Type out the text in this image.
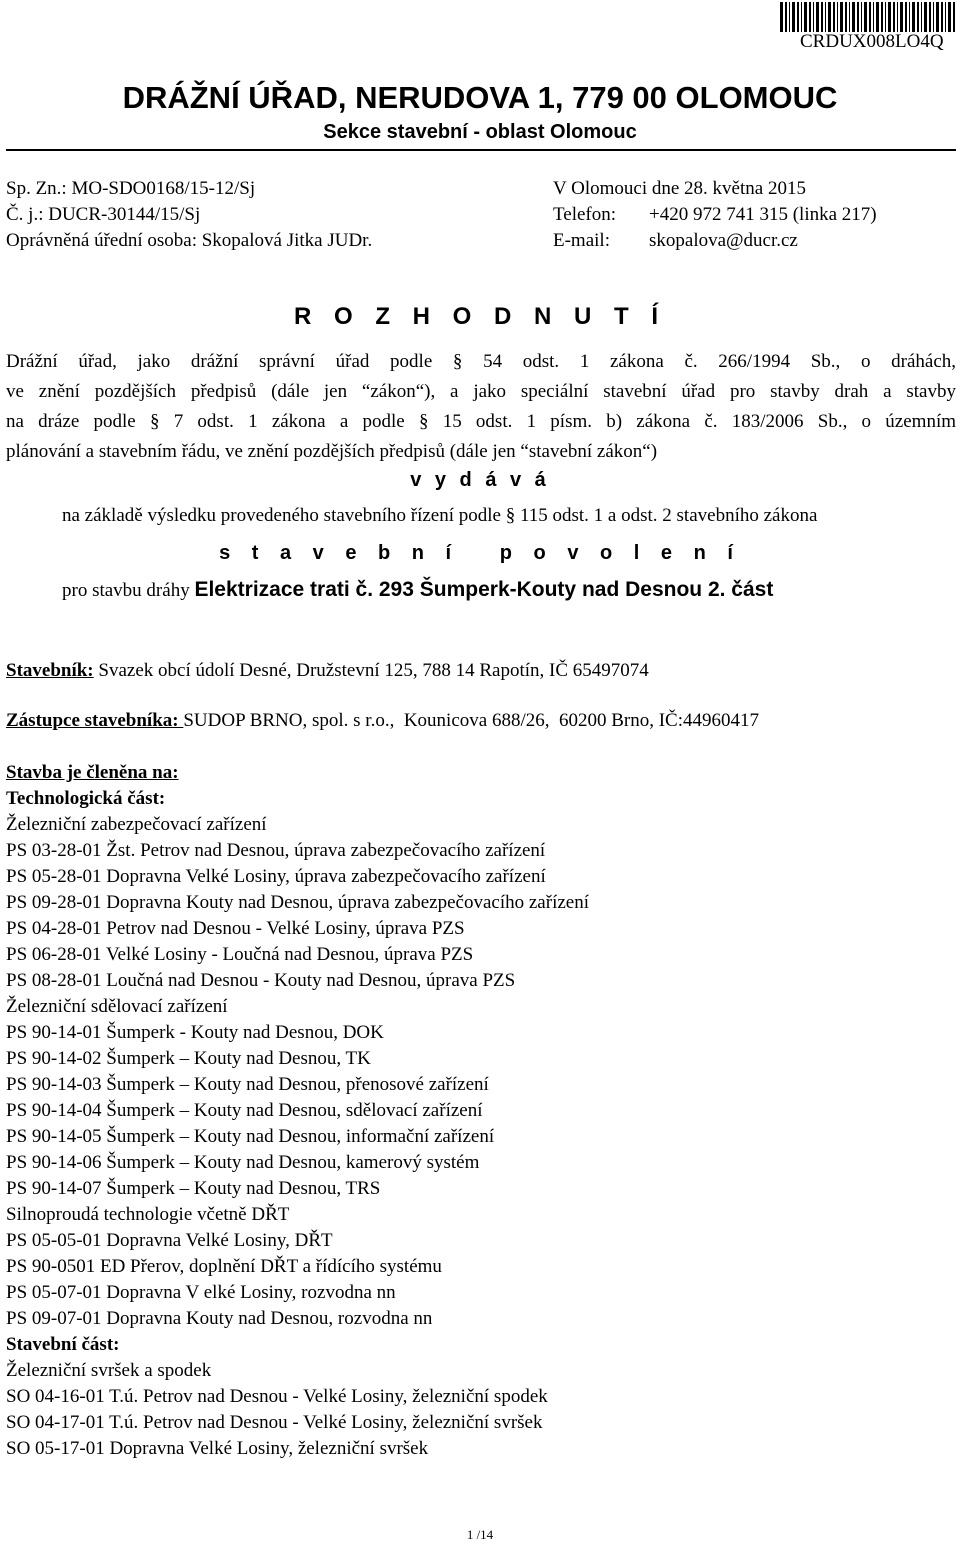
CRDUX008LO4Q
DRÁŽNÍ ÚŘAD, NERUDOVA 1, 779 00 OLOMOUC
Sekce stavební - oblast Olomouc
Sp. Zn.: MO-SDO0168/15-12/Sj
Č. j.: DUCR-30144/15/Sj
Oprávněná úřední osoba: Skopalová Jitka JUDr.
V Olomouci dne 28. května 2015
Telefon: +420 972 741 315 (linka 217)
E-mail: skopalova@ducr.cz
R O Z H O D N U T Í
Drážní úřad, jako drážní správní úřad podle § 54 odst. 1 zákona č. 266/1994 Sb., o dráhách,
ve znění pozdějších předpisů (dále jen “zákon“), a jako speciální stavební úřad pro stavby drah a stavby
na dráze podle § 7 odst. 1 zákona a podle § 15 odst. 1 písm. b) zákona č. 183/2006 Sb., o územním
plánování a stavebním řádu, ve znění pozdějších předpisů (dále jen “stavební zákon“)
v y d á v á
na základě výsledku provedeného stavebního řízení podle § 115 odst. 1 a odst. 2 stavebního zákona
s t a v e b n í   p o v o l e n í
pro stavbu dráhy Elektrizace trati č. 293 Šumperk-Kouty nad Desnou 2. část
Stavebník: Svazek obcí údolí Desné, Družstevní 125, 788 14 Rapotín, IČ 65497074
Zástupce stavebníka: SUDOP BRNO, spol. s r.o.,  Kounicova 688/26,  60200 Brno, IČ:44960417
Stavba je členěna na:
Technologická část:
Železniční zabezpečovací zařízení
PS 03-28-01 Žst. Petrov nad Desnou, úprava zabezpečovacího zařízení
PS 05-28-01 Dopravna Velké Losiny, úprava zabezpečovacího zařízení
PS 09-28-01 Dopravna Kouty nad Desnou, úprava zabezpečovacího zařízení
PS 04-28-01 Petrov nad Desnou - Velké Losiny, úprava PZS
PS 06-28-01 Velké Losiny - Loučná nad Desnou, úprava PZS
PS 08-28-01 Loučná nad Desnou - Kouty nad Desnou, úprava PZS
Železniční sdělovací zařízení
PS 90-14-01 Šumperk - Kouty nad Desnou, DOK
PS 90-14-02 Šumperk – Kouty nad Desnou, TK
PS 90-14-03 Šumperk – Kouty nad Desnou, přenosové zařízení
PS 90-14-04 Šumperk – Kouty nad Desnou, sdělovací zařízení
PS 90-14-05 Šumperk – Kouty nad Desnou, informační zařízení
PS 90-14-06 Šumperk – Kouty nad Desnou, kamerový systém
PS 90-14-07 Šumperk – Kouty nad Desnou, TRS
Silnoproudá technologie včetně DŘT
PS 05-05-01 Dopravna Velké Losiny, DŘT
PS 90-0501 ED Přerov, doplnění DŘT a řídícího systému
PS 05-07-01 Dopravna V elké Losiny, rozvodna nn
PS 09-07-01 Dopravna Kouty nad Desnou, rozvodna nn
Stavební část:
Železniční svršek a spodek
SO 04-16-01 T.ú. Petrov nad Desnou - Velké Losiny, železniční spodek
SO 04-17-01 T.ú. Petrov nad Desnou - Velké Losiny, železniční svršek
SO 05-17-01 Dopravna Velké Losiny, železniční svršek
1 /14
